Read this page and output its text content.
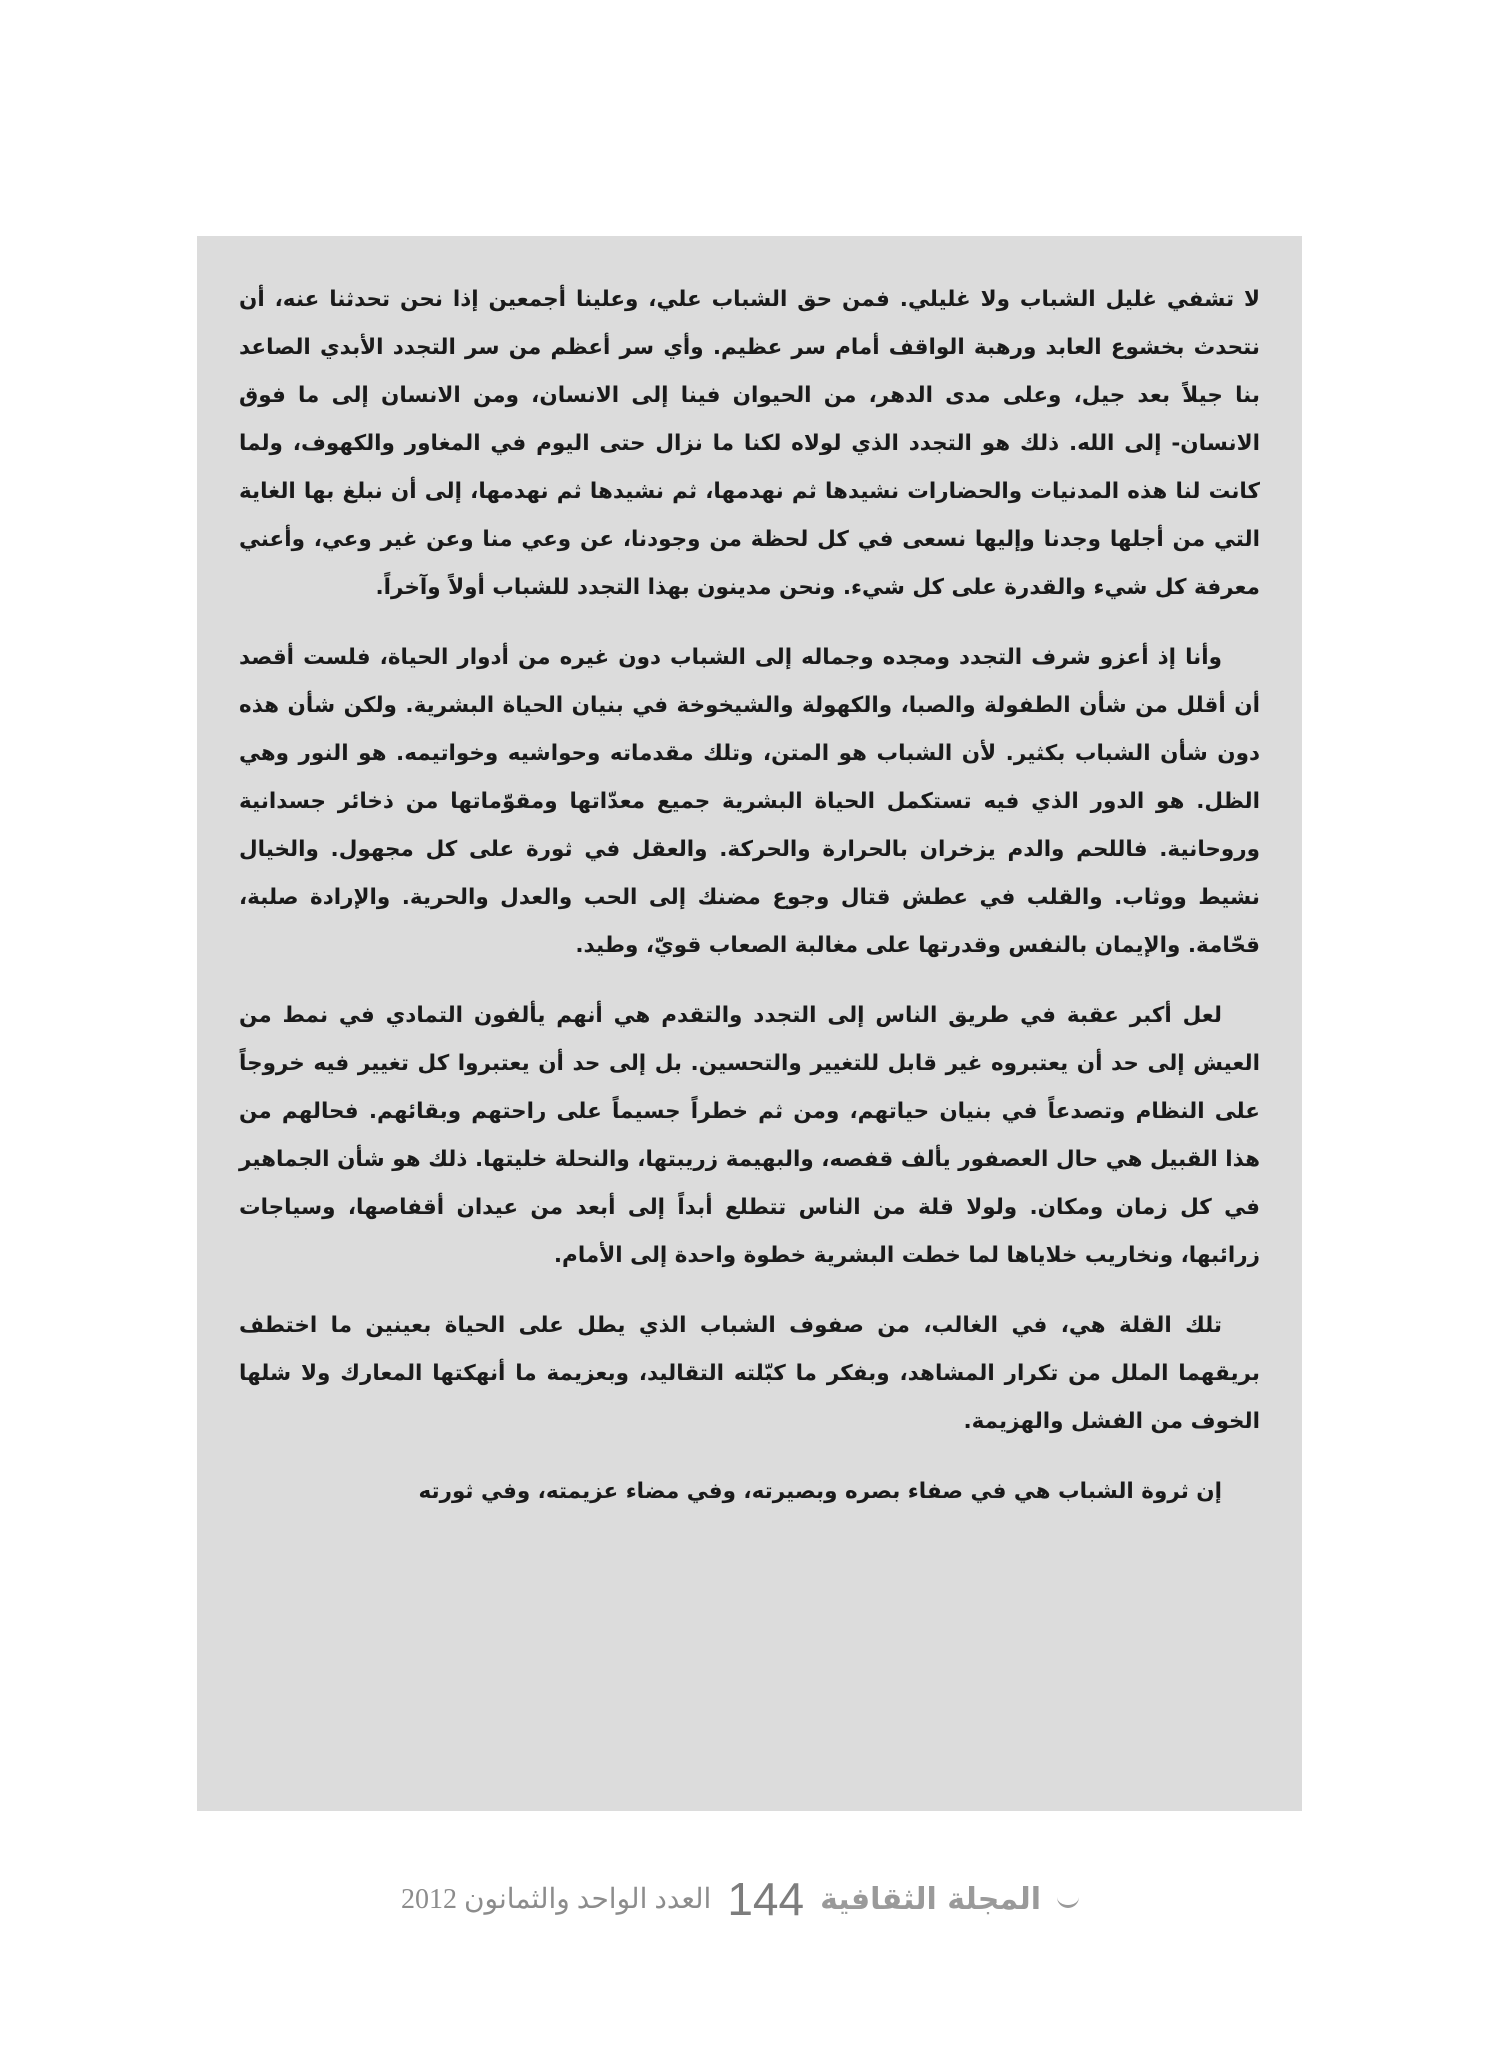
لا تشفي غليل الشباب ولا غليلي. فمن حق الشباب علي، وعلينا أجمعين إذا نحن تحدثنا عنه، أن نتحدث بخشوع العابد ورهبة الواقف أمام سر عظيم. وأي سر أعظم من سر التجدد الأبدي الصاعد بنا جيلاً بعد جيل، وعلى مدى الدهر، من الحيوان فينا إلى الانسان، ومن الانسان إلى ما فوق الانسان- إلى الله. ذلك هو التجدد الذي لولاه لكنا ما نزال حتى اليوم في المغاور والكهوف، ولما كانت لنا هذه المدنيات والحضارات نشيدها ثم نهدمها، ثم نشيدها ثم نهدمها، إلى أن نبلغ بها الغاية التي من أجلها وجدنا وإليها نسعى في كل لحظة من وجودنا، عن وعي منا وعن غير وعي، وأعني معرفة كل شيء والقدرة على كل شيء. ونحن مدينون بهذا التجدد للشباب أولاً وآخراً.

وأنا إذ أعزو شرف التجدد ومجده وجماله إلى الشباب دون غيره من أدوار الحياة، فلست أقصد أن أقلل من شأن الطفولة والصبا، والكهولة والشيخوخة في بنيان الحياة البشرية. ولكن شأن هذه دون شأن الشباب بكثير. لأن الشباب هو المتن، وتلك مقدماته وحواشيه وخواتيمه. هو النور وهي الظل. هو الدور الذي فيه تستكمل الحياة البشرية جميع معدّاتها ومقوّماتها من ذخائر جسدانية وروحانية. فاللحم والدم يزخران بالحرارة والحركة. والعقل في ثورة على كل مجهول. والخيال نشيط ووثاب. والقلب في عطش قتال وجوع مضنك إلى الحب والعدل والحرية. والإرادة صلبة، قحّامة. والإيمان بالنفس وقدرتها على مغالبة الصعاب قويّ، وطيد.

لعل أكبر عقبة في طريق الناس إلى التجدد والتقدم هي أنهم يألفون التمادي في نمط من العيش إلى حد أن يعتبروه غير قابل للتغيير والتحسين. بل إلى حد أن يعتبروا كل تغيير فيه خروجاً على النظام وتصدعاً في بنيان حياتهم، ومن ثم خطراً جسيماً على راحتهم وبقائهم. فحالهم من هذا القبيل هي حال العصفور يألف قفصه، والبهيمة زريبتها، والنحلة خليتها. ذلك هو شأن الجماهير في كل زمان ومكان. ولولا قلة من الناس تتطلع أبداً إلى أبعد من عيدان أقفاصها، وسياجات زرائبها، ونخاريب خلاياها لما خطت البشرية خطوة واحدة إلى الأمام.

تلك القلة هي، في الغالب، من صفوف الشباب الذي يطل على الحياة بعينين ما اختطف بريقهما الملل من تكرار المشاهد، وبفكر ما كبّلته التقاليد، وبعزيمة ما أنهكتها المعارك ولا شلها الخوف من الفشل والهزيمة.

إن ثروة الشباب هي في صفاء بصره وبصيرته، وفي مضاء عزيمته، وفي ثورته

المجلة الثقافية
144
العدد الواحد والثمانون 2012
